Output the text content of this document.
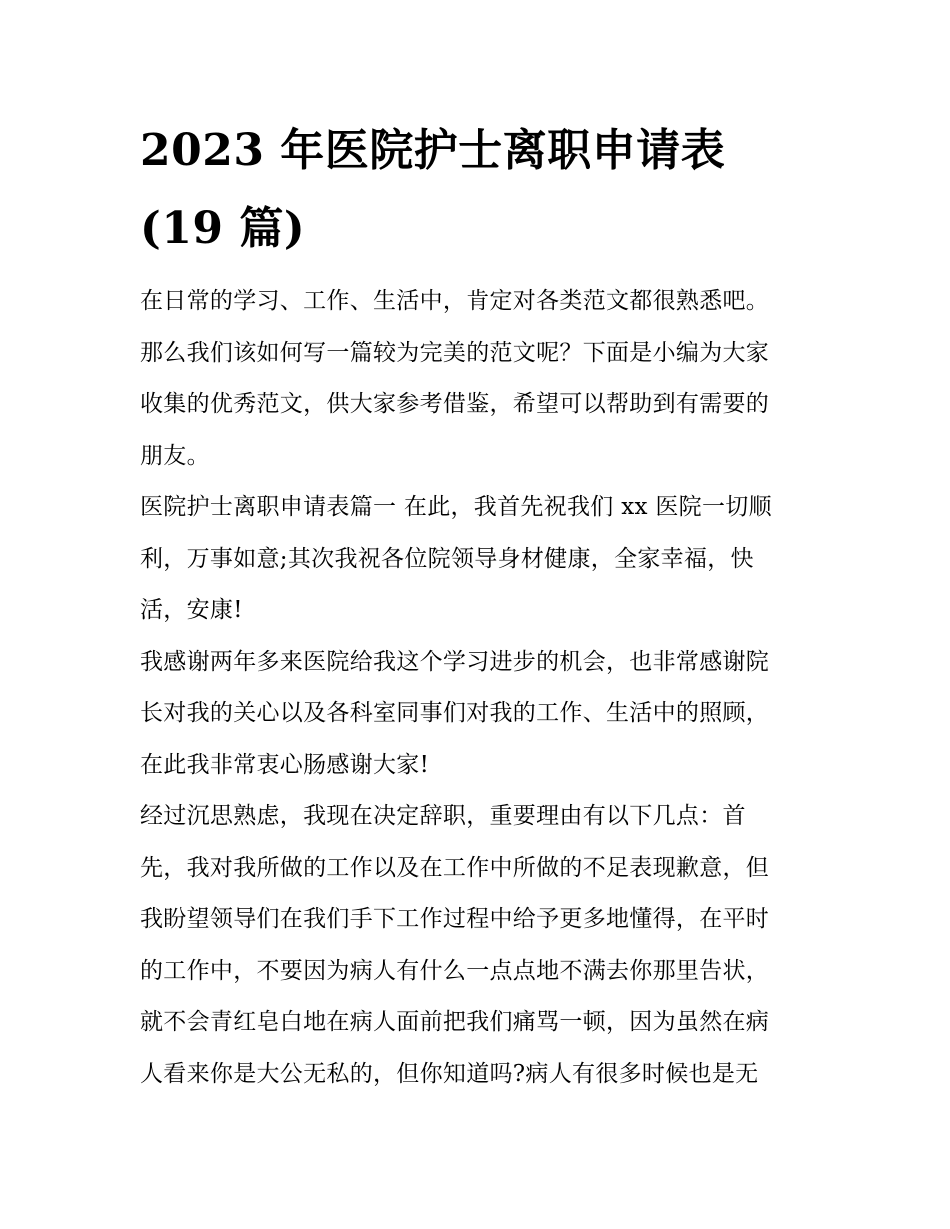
2023 年医院护士离职申请表
(19 篇)

在日常的学习、工作、生活中，肯定对各类范文都很熟悉吧。
那么我们该如何写一篇较为完美的范文呢？下面是小编为大家
收集的优秀范文，供大家参考借鉴，希望可以帮助到有需要的
朋友。

医院护士离职申请表篇一 在此，我首先祝我们 xx 医院一切顺
利，万事如意;其次我祝各位院领导身材健康，全家幸福，快
活，安康!

我感谢两年多来医院给我这个学习进步的机会，也非常感谢院
长对我的关心以及各科室同事们对我的工作、生活中的照顾，
在此我非常衷心肠感谢大家!

经过沉思熟虑，我现在决定辞职，重要理由有以下几点：首
先，我对我所做的工作以及在工作中所做的不足表现歉意，但
我盼望领导们在我们手下工作过程中给予更多地懂得，在平时
的工作中，不要因为病人有什么一点点地不满去你那里告状，
就不会青红皂白地在病人面前把我们痛骂一顿，因为虽然在病
人看来你是大公无私的，但你知道吗?病人有很多时候也是无
